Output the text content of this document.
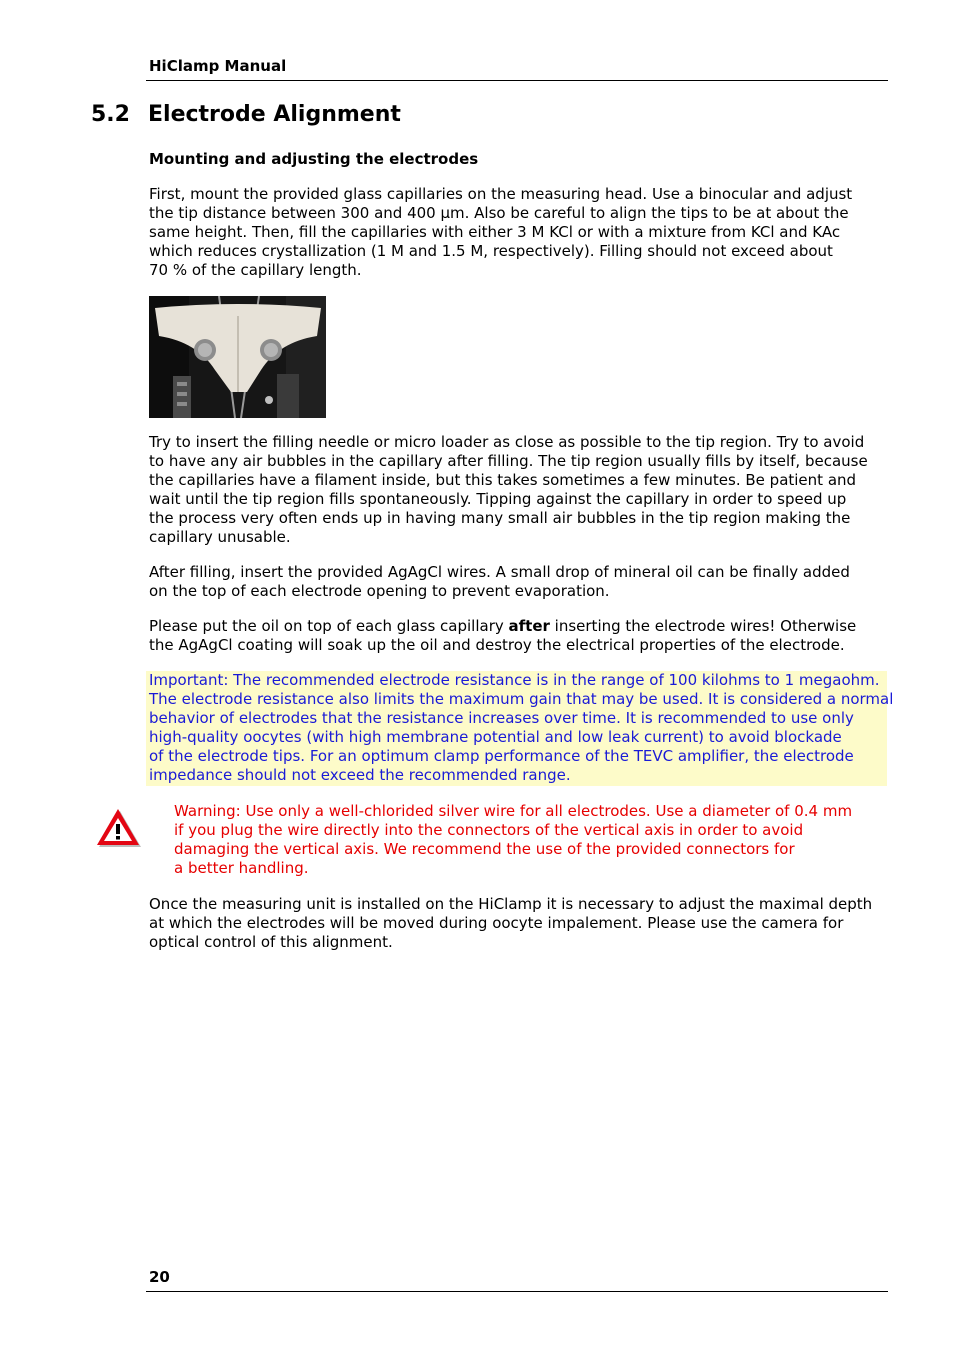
HiClamp Manual
5.2 Electrode Alignment
Mounting and adjusting the electrodes

First, mount the provided glass capillaries on the measuring head. Use a binocular and adjust
the tip distance between 300 and 400 µm. Also be careful to align the tips to be at about the
same height. Then, fill the capillaries with either 3 M KCl or with a mixture from KCl and KAc
which reduces crystallization (1 M and 1.5 M, respectively). Filling should not exceed about
70 % of the capillary length.

Try to insert the filling needle or micro loader as close as possible to the tip region. Try to avoid
to have any air bubbles in the capillary after filling. The tip region usually fills by itself, because
the capillaries have a filament inside, but this takes sometimes a few minutes. Be patient and
wait until the tip region fills spontaneously. Tipping against the capillary in order to speed up
the process very often ends up in having many small air bubbles in the tip region making the
capillary unusable.

After filling, insert the provided AgAgCl wires. A small drop of mineral oil can be finally added
on the top of each electrode opening to prevent evaporation.

Please put the oil on top of each glass capillary after inserting the electrode wires! Otherwise
the AgAgCl coating will soak up the oil and destroy the electrical properties of the electrode.

Important: The recommended electrode resistance is in the range of 100 kilohms to 1 megaohm.
The electrode resistance also limits the maximum gain that may be used. It is considered a normal
behavior of electrodes that the resistance increases over time. It is recommended to use only
high-quality oocytes (with high membrane potential and low leak current) to avoid blockade
of the electrode tips. For an optimum clamp performance of the TEVC amplifier, the electrode
impedance should not exceed the recommended range.

Warning: Use only a well-chlorided silver wire for all electrodes. Use a diameter of 0.4 mm
if you plug the wire directly into the connectors of the vertical axis in order to avoid
damaging the vertical axis. We recommend the use of the provided connectors for
a better handling.

Once the measuring unit is installed on the HiClamp it is necessary to adjust the maximal depth
at which the electrodes will be moved during oocyte impalement. Please use the camera for
optical control of this alignment.

20
